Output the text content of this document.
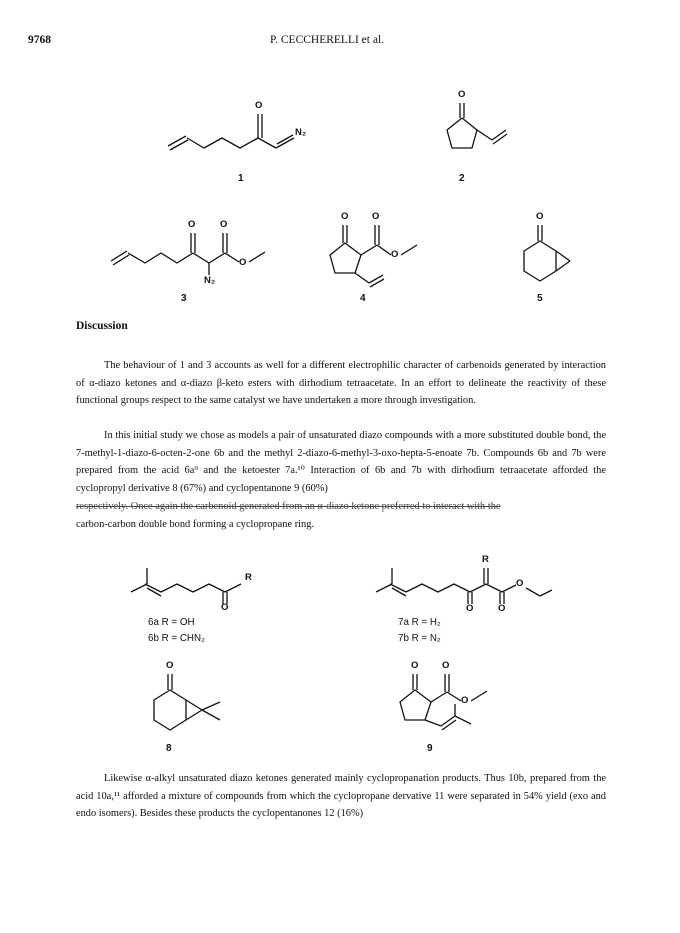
9768	P. CECCHERELLI et al.
O
N₂
1
O
2
O	O
O
N₂
3
O O
O
4
O
5
Discussion
The behaviour of 1 and 3 accounts as well for a different electrophilic character of carbenoids generated by interaction of α-diazo ketones and α-diazo β-keto esters with dirhodium tetraacetate. In an effort to delineate the reactivity of these functional groups respect to the same catalyst we have undertaken a more through investigation.
In this initial study we chose as models a pair of unsaturated diazo compounds with a more substituted double bond, the 7-methyl-1-diazo-6-octen-2-one 6b and the methyl 2-diazo-6-methyl-3-oxo-hepta-5-enoate 7b. Compounds 6b and 7b were prepared from the acid 6a⁹ and the ketoester 7a.¹⁰ Interaction of 6b and 7b with dirhodium tetraacetate afforded the cyclopropyl derivative 8 (67%) and cyclopentanone 9 (60%)
respectively. Once again the carbenoid generated from an α-diazo ketone preferred to interact with the
carbon-carbon double bond forming a cyclopropane ring.
R
O
6a R = OH
6b R = CHN₂
R
O	O
O
7a R = H₂
7b R = N₂
O
8
O O
O
9
Likewise α-alkyl unsaturated diazo ketones generated mainly cyclopropanation products. Thus 10b, prepared from the acid 10a,¹¹ afforded a mixture of compounds from which the cyclopropane dervative 11 were separated in 54% yield (exo and endo isomers). Besides these products the cyclopentanones 12 (16%)
